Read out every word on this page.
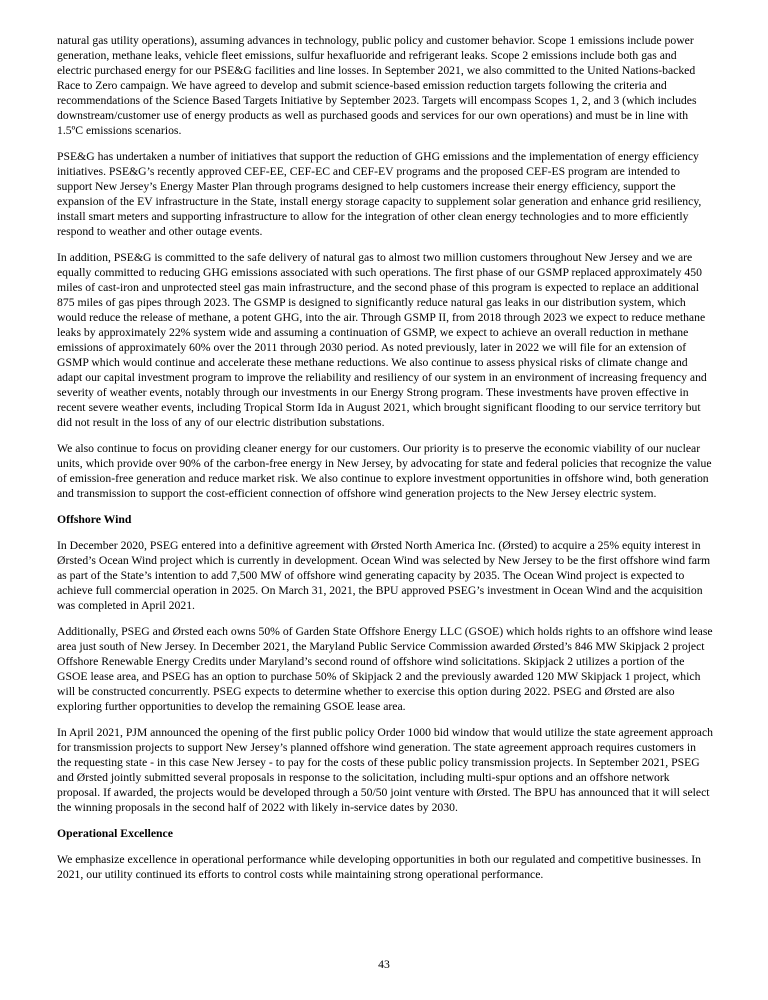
natural gas utility operations), assuming advances in technology, public policy and customer behavior. Scope 1 emissions include power generation, methane leaks, vehicle fleet emissions, sulfur hexafluoride and refrigerant leaks. Scope 2 emissions include both gas and electric purchased energy for our PSE&G facilities and line losses. In September 2021, we also committed to the United Nations-backed Race to Zero campaign. We have agreed to develop and submit science-based emission reduction targets following the criteria and recommendations of the Science Based Targets Initiative by September 2023. Targets will encompass Scopes 1, 2, and 3 (which includes downstream/customer use of energy products as well as purchased goods and services for our own operations) and must be in line with 1.5ºC emissions scenarios.

PSE&G has undertaken a number of initiatives that support the reduction of GHG emissions and the implementation of energy efficiency initiatives. PSE&G’s recently approved CEF-EE, CEF-EC and CEF-EV programs and the proposed CEF-ES program are intended to support New Jersey’s Energy Master Plan through programs designed to help customers increase their energy efficiency, support the expansion of the EV infrastructure in the State, install energy storage capacity to supplement solar generation and enhance grid resiliency, install smart meters and supporting infrastructure to allow for the integration of other clean energy technologies and to more efficiently respond to weather and other outage events.

In addition, PSE&G is committed to the safe delivery of natural gas to almost two million customers throughout New Jersey and we are equally committed to reducing GHG emissions associated with such operations. The first phase of our GSMP replaced approximately 450 miles of cast-iron and unprotected steel gas main infrastructure, and the second phase of this program is expected to replace an additional 875 miles of gas pipes through 2023. The GSMP is designed to significantly reduce natural gas leaks in our distribution system, which would reduce the release of methane, a potent GHG, into the air. Through GSMP II, from 2018 through 2023 we expect to reduce methane leaks by approximately 22% system wide and assuming a continuation of GSMP, we expect to achieve an overall reduction in methane emissions of approximately 60% over the 2011 through 2030 period. As noted previously, later in 2022 we will file for an extension of GSMP which would continue and accelerate these methane reductions. We also continue to assess physical risks of climate change and adapt our capital investment program to improve the reliability and resiliency of our system in an environment of increasing frequency and severity of weather events, notably through our investments in our Energy Strong program. These investments have proven effective in recent severe weather events, including Tropical Storm Ida in August 2021, which brought significant flooding to our service territory but did not result in the loss of any of our electric distribution substations.

We also continue to focus on providing cleaner energy for our customers. Our priority is to preserve the economic viability of our nuclear units, which provide over 90% of the carbon-free energy in New Jersey, by advocating for state and federal policies that recognize the value of emission-free generation and reduce market risk. We also continue to explore investment opportunities in offshore wind, both generation and transmission to support the cost-efficient connection of offshore wind generation projects to the New Jersey electric system.

Offshore Wind

In December 2020, PSEG entered into a definitive agreement with Ørsted North America Inc. (Ørsted) to acquire a 25% equity interest in Ørsted’s Ocean Wind project which is currently in development. Ocean Wind was selected by New Jersey to be the first offshore wind farm as part of the State’s intention to add 7,500 MW of offshore wind generating capacity by 2035. The Ocean Wind project is expected to achieve full commercial operation in 2025. On March 31, 2021, the BPU approved PSEG’s investment in Ocean Wind and the acquisition was completed in April 2021.

Additionally, PSEG and Ørsted each owns 50% of Garden State Offshore Energy LLC (GSOE) which holds rights to an offshore wind lease area just south of New Jersey. In December 2021, the Maryland Public Service Commission awarded Ørsted’s 846 MW Skipjack 2 project Offshore Renewable Energy Credits under Maryland’s second round of offshore wind solicitations. Skipjack 2 utilizes a portion of the GSOE lease area, and PSEG has an option to purchase 50% of Skipjack 2 and the previously awarded 120 MW Skipjack 1 project, which will be constructed concurrently. PSEG expects to determine whether to exercise this option during 2022. PSEG and Ørsted are also exploring further opportunities to develop the remaining GSOE lease area.

In April 2021, PJM announced the opening of the first public policy Order 1000 bid window that would utilize the state agreement approach for transmission projects to support New Jersey’s planned offshore wind generation. The state agreement approach requires customers in the requesting state - in this case New Jersey - to pay for the costs of these public policy transmission projects. In September 2021, PSEG and Ørsted jointly submitted several proposals in response to the solicitation, including multi-spur options and an offshore network proposal. If awarded, the projects would be developed through a 50/50 joint venture with Ørsted. The BPU has announced that it will select the winning proposals in the second half of 2022 with likely in-service dates by 2030.

Operational Excellence

We emphasize excellence in operational performance while developing opportunities in both our regulated and competitive businesses. In 2021, our utility continued its efforts to control costs while maintaining strong operational performance.

43
